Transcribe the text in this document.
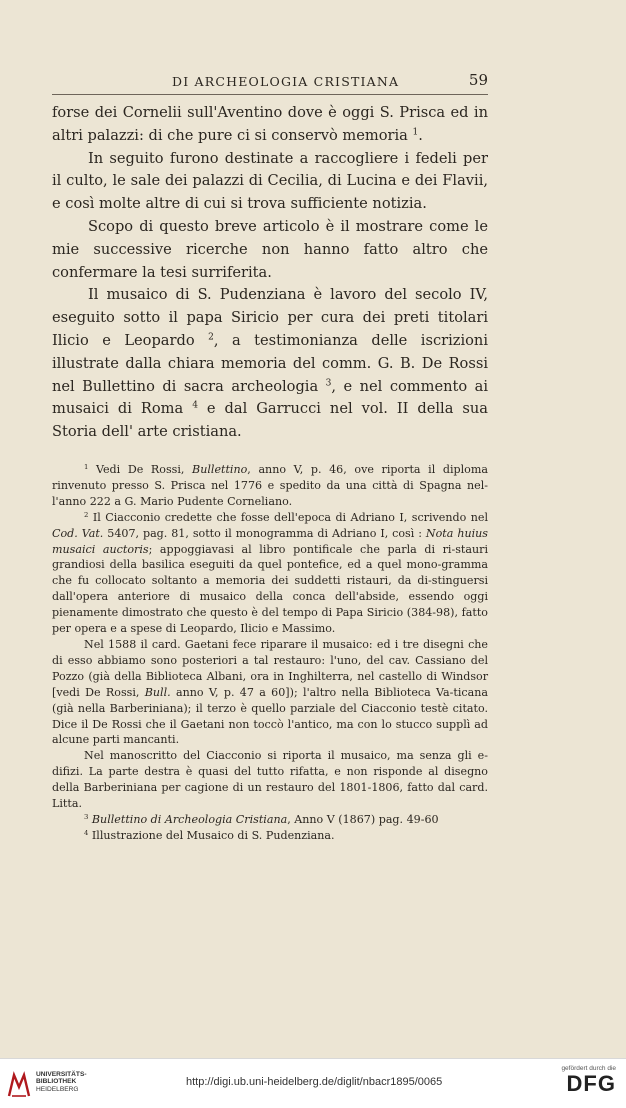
DI ARCHEOLOGIA CRISTIANA	59

forse dei Cornelii sull'Aventino dove è oggi S. Prisca ed in altri palazzi: di che pure ci si conservò memoria $^1$.

In seguito furono destinate a raccogliere i fedeli per il culto, le sale dei palazzi di Cecilia, di Lucina e dei Flavii, e così molte altre di cui si trova sufficiente notizia.

Scopo di questo breve articolo è il mostrare come le mie successive ricerche non hanno fatto altro che confermare la tesi surriferita.

Il musaico di S. Pudenziana è lavoro del secolo IV, eseguito sotto il papa Siricio per cura dei preti titolari Ilicio e Leopardo $^2$, a testimonianza delle iscrizioni illustrate dalla chiara memoria del comm. G. B. De Rossi nel Bullettino di sacra archeologia $^3$, e nel commento ai musaici di Roma $^4$ e dal Garrucci nel vol. II della sua Storia dell' arte cristiana.

$^1$ Vedi De Rossi, Bullettino, anno V, p. 46, ove riporta il diploma rinvenuto presso S. Prisca nel 1776 e spedito da una città di Spagna nel-l'anno 222 a G. Mario Pudente Corneliano.

$^2$ Il Ciacconio credette che fosse dell'epoca di Adriano I, scrivendo nel Cod. Vat. 5407, pag. 81, sotto il monogramma di Adriano I, così : Nota huius musaici auctoris; appoggiavasi al libro pontificale che parla di ri-stauri grandiosi della basilica eseguiti da quel pontefice, ed a quel mono-gramma che fu collocato soltanto a memoria dei suddetti ristauri, da di-stinguersi dall'opera anteriore di musaico della conca dell'abside, essendo oggi pienamente dimostrato che questo è del tempo di Papa Siricio (384-98), fatto per opera e a spese di Leopardo, Ilicio e Massimo.

Nel 1588 il card. Gaetani fece riparare il musaico: ed i tre disegni che di esso abbiamo sono posteriori a tal restauro: l'uno, del cav. Cassiano del Pozzo (già della Biblioteca Albani, ora in Inghilterra, nel castello di Windsor [vedi De Rossi, Bull. anno V, p. 47 a 60]); l'altro nella Biblioteca Va-ticana (già nella Barberiniana); il terzo è quello parziale del Ciacconio testè citato. Dice il De Rossi che il Gaetani non toccò l'antico, ma con lo stucco supplì ad alcune parti mancanti.

Nel manoscritto del Ciacconio si riporta il musaico, ma senza gli e-difizi. La parte destra è quasi del tutto rifatta, e non risponde al disegno della Barberiniana per cagione di un restauro del 1801-1806, fatto dal card. Litta.

$^3$ Bullettino di Archeologia Cristiana, Anno V (1867) pag. 49-60

$^4$ Illustrazione del Musaico di S. Pudenziana.

UNIVERSITÄTS-
BIBLIOTHEK
HEIDELBERG
http://digi.ub.uni-heidelberg.de/diglit/nbacr1895/0065
gefördert durch die
DFG
